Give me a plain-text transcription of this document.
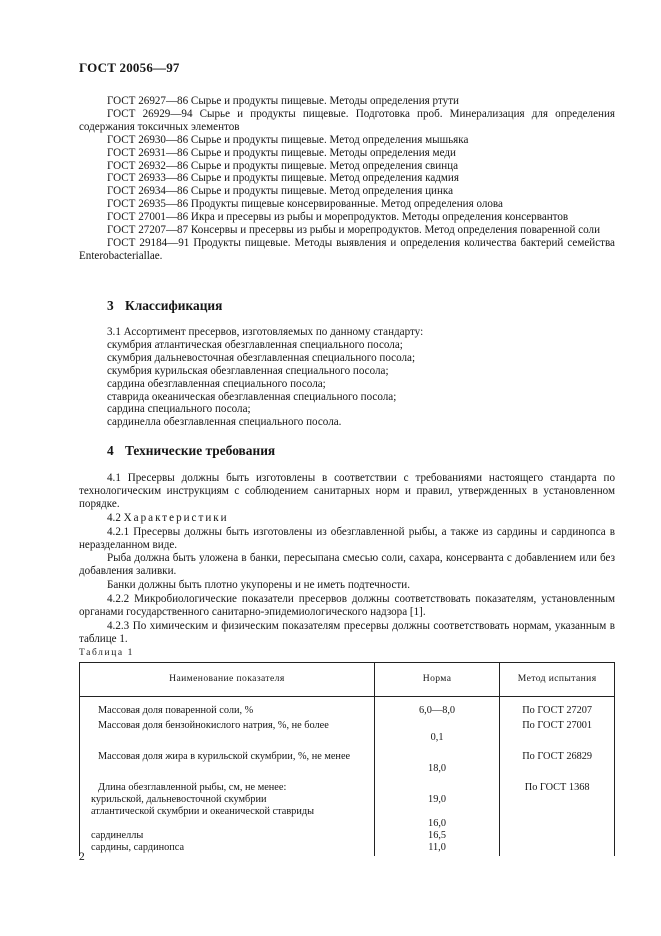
ГОСТ 20056—97

ГОСТ 26927—86 Сырье и продукты пищевые. Методы определения ртути

ГОСТ 26929—94 Сырье и продукты пищевые. Подготовка проб. Минерализация для определения содержания токсичных элементов

ГОСТ 26930—86 Сырье и продукты пищевые. Метод определения мышьяка

ГОСТ 26931—86 Сырье и продукты пищевые. Методы определения меди

ГОСТ 26932—86 Сырье и продукты пищевые. Метод определения свинца

ГОСТ 26933—86 Сырье и продукты пищевые. Метод определения кадмия

ГОСТ 26934—86 Сырье и продукты пищевые. Метод определения цинка

ГОСТ 26935—86 Продукты пищевые консервированные. Метод определения олова

ГОСТ 27001—86 Икра и пресервы из рыбы и морепродуктов. Методы определения консервантов

ГОСТ 27207—87 Консервы и пресервы из рыбы и морепродуктов. Метод определения поваренной соли

ГОСТ 29184—91 Продукты пищевые. Методы выявления и определения количества бактерий семейства Enterobacteriallae.

3 Классификация

3.1 Ассортимент пресервов, изготовляемых по данному стандарту:

скумбрия атлантическая обезглавленная специального посола;

скумбрия дальневосточная обезглавленная специального посола;

скумбрия курильская обезглавленная специального посола;

сардина обезглавленная специального посола;

ставрида океаническая обезглавленная специального посола;

сардина специального посола;

сардинелла обезглавленная специального посола.

4 Технические требования

4.1 Пресервы должны быть изготовлены в соответствии с требованиями настоящего стандарта по технологическим инструкциям с соблюдением санитарных норм и правил, утвержденных в установленном порядке.

4.2 Характеристики

4.2.1 Пресервы должны быть изготовлены из обезглавленной рыбы, а также из сардины и сардинопса в неразделанном виде.

Рыба должна быть уложена в банки, пересыпана смесью соли, сахара, консерванта с добавлением или без добавления заливки.

Банки должны быть плотно укупорены и не иметь подтечности.

4.2.2 Микробиологические показатели пресервов должны соответствовать показателям, установленным органами государственного санитарно-эпидемиологического надзора [1].

4.2.3 По химическим и физическим показателям пресервы должны соответствовать нормам, указанным в таблице 1.

Таблица 1
Наименование показателя	Норма	Метод испытания

Массовая доля поваренной соли, %	6,0—8,0	По ГОСТ 27207

Массовая доля бензойнокислого натрия, %, не более	0,1	По ГОСТ 27001

Массовая доля жира в курильской скумбрии, %, не менее	18,0	По ГОСТ 26829

Длина обезглавленной рыбы, см, не менее:		По ГОСТ 1368

курильской, дальневосточной скумбрии	19,0	

атлантической скумбрии и океанической ставриды	16,0	

сардинеллы	16,5	

сардины, сардинопса	11,0	
2
